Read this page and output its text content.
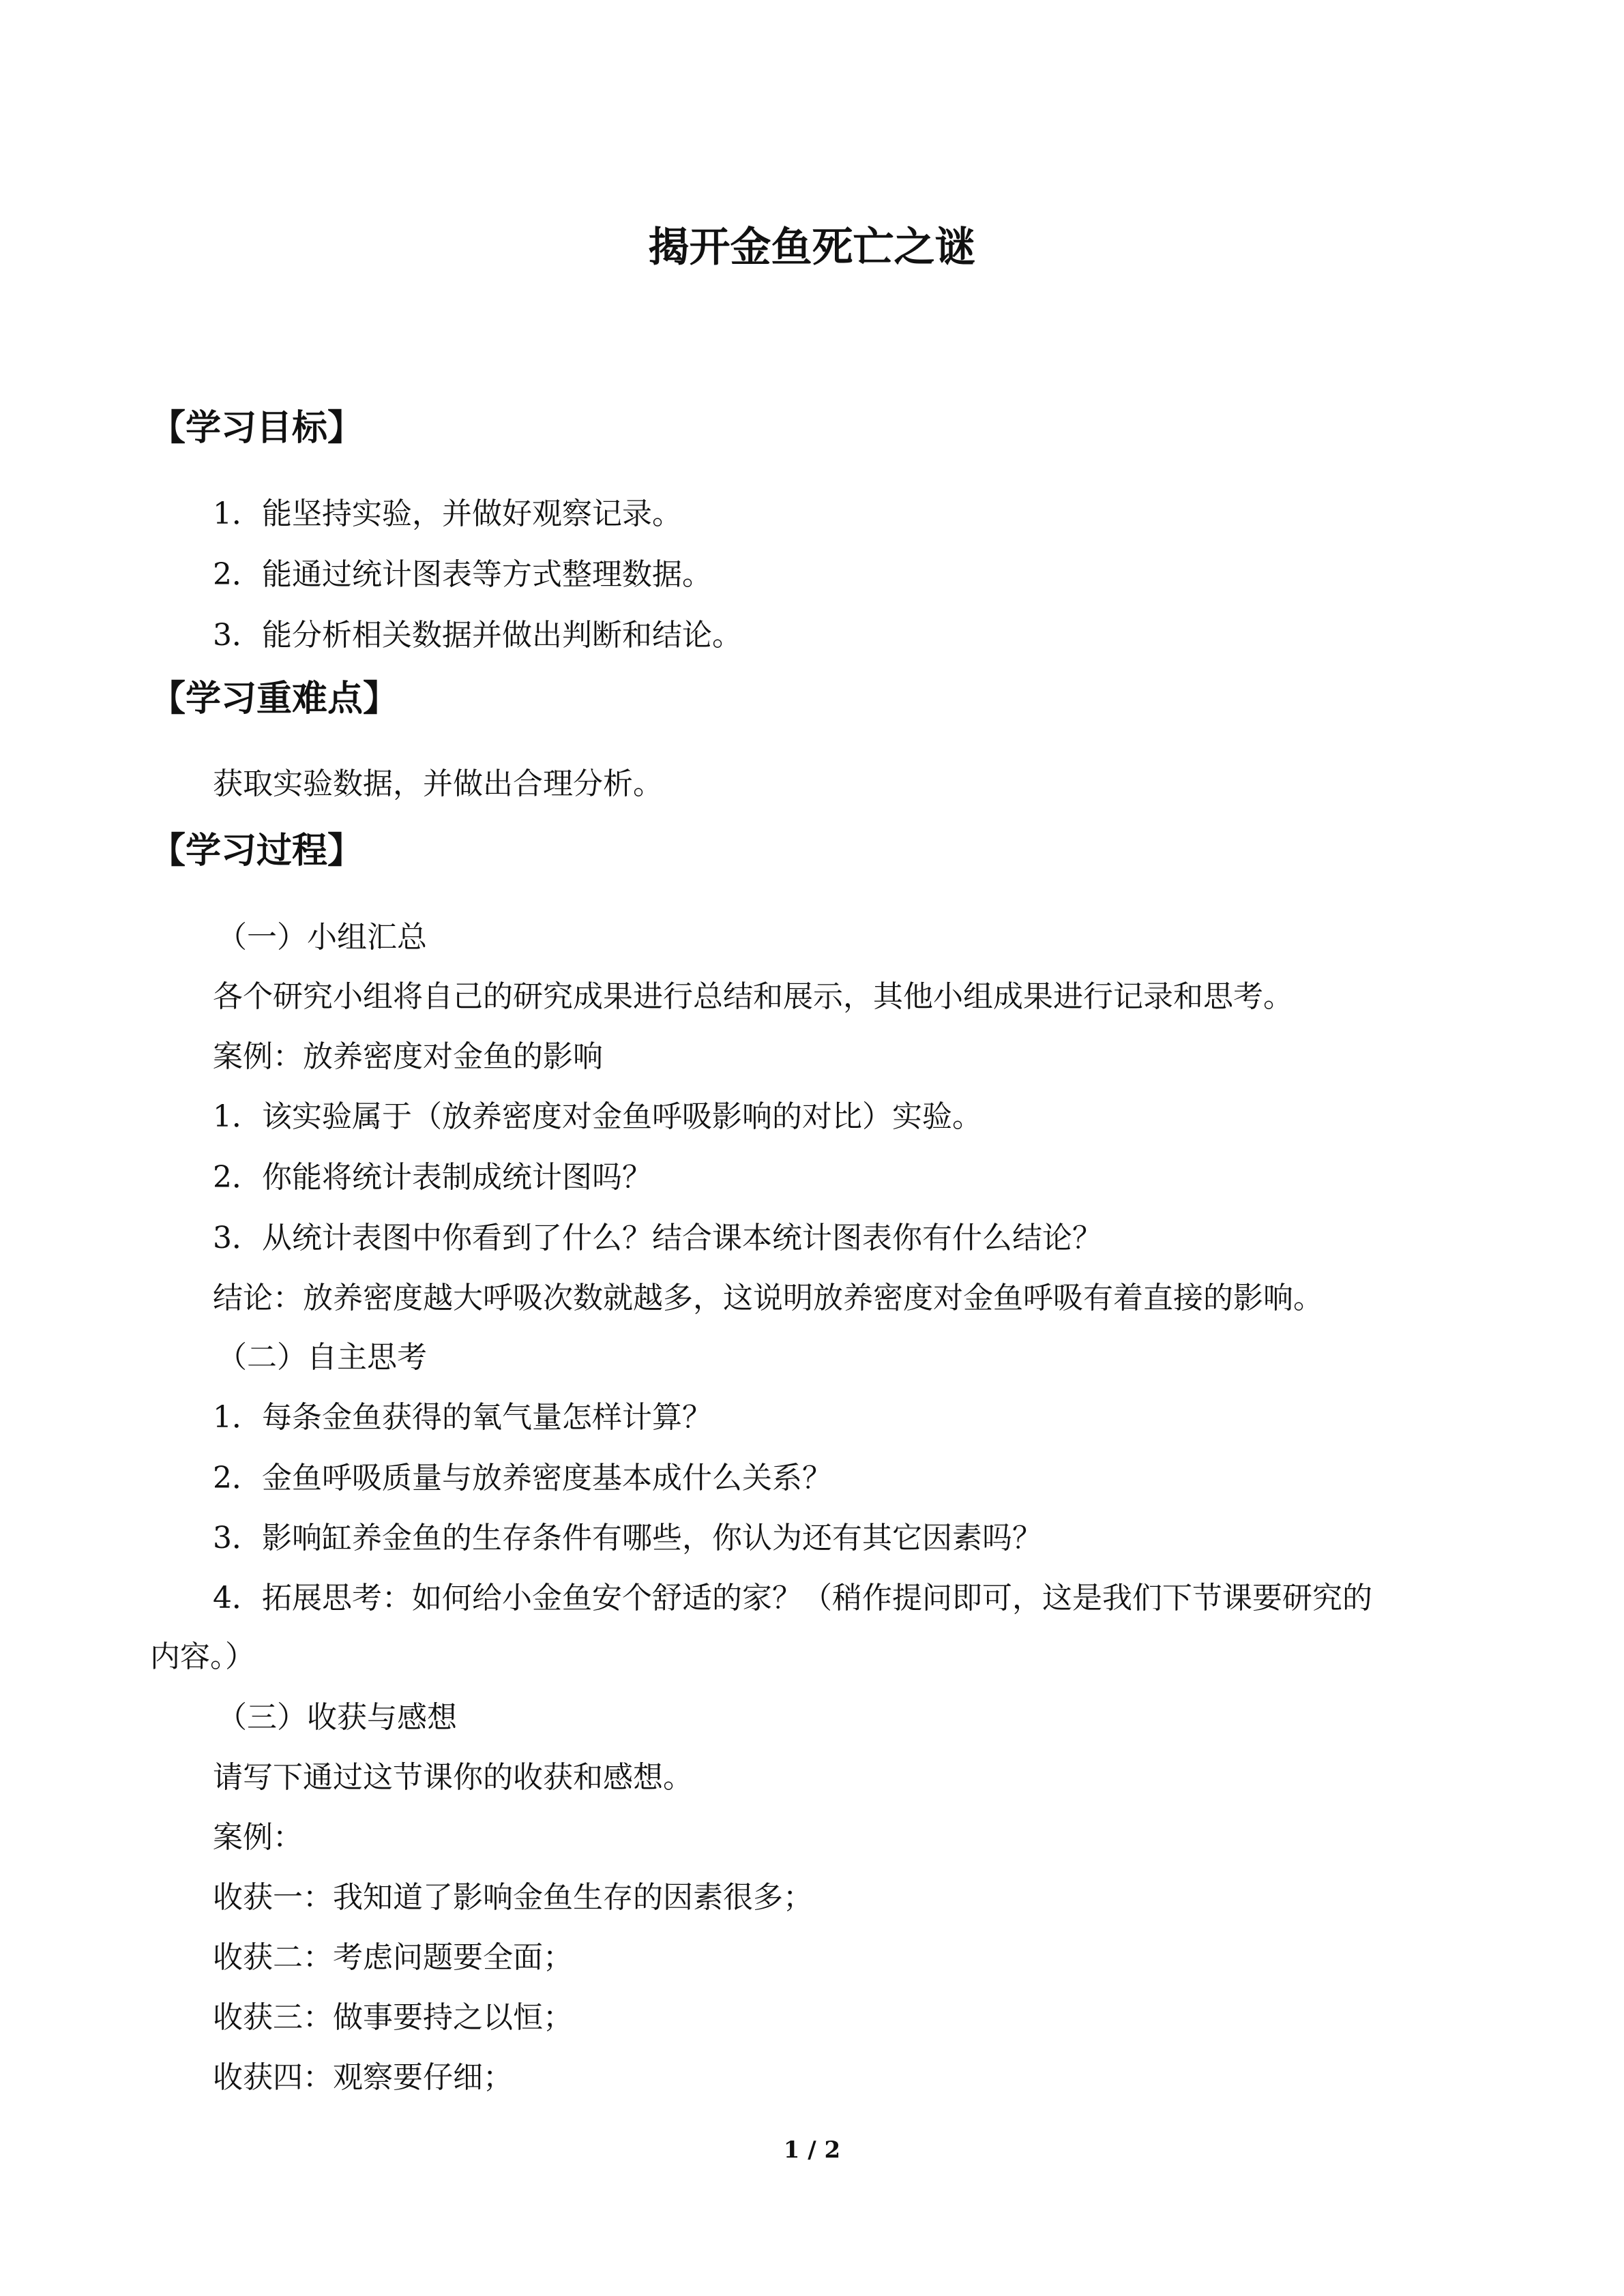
揭开金鱼死亡之谜
【学习目标】
1．能坚持实验，并做好观察记录。
2．能通过统计图表等方式整理数据。
3．能分析相关数据并做出判断和结论。
【学习重难点】
获取实验数据，并做出合理分析。
【学习过程】
（一）小组汇总
各个研究小组将自己的研究成果进行总结和展示，其他小组成果进行记录和思考。
案例：放养密度对金鱼的影响
1．该实验属于（放养密度对金鱼呼吸影响的对比）实验。
2．你能将统计表制成统计图吗？
3．从统计表图中你看到了什么？结合课本统计图表你有什么结论？
结论：放养密度越大呼吸次数就越多，这说明放养密度对金鱼呼吸有着直接的影响。
（二）自主思考
1．每条金鱼获得的氧气量怎样计算？
2．金鱼呼吸质量与放养密度基本成什么关系？
3．影响缸养金鱼的生存条件有哪些，你认为还有其它因素吗？
4．拓展思考：如何给小金鱼安个舒适的家？（稍作提问即可，这是我们下节课要研究的
内容。）
（三）收获与感想
请写下通过这节课你的收获和感想。
案例：
收获一：我知道了影响金鱼生存的因素很多；
收获二：考虑问题要全面；
收获三：做事要持之以恒；
收获四：观察要仔细；
1 / 2
